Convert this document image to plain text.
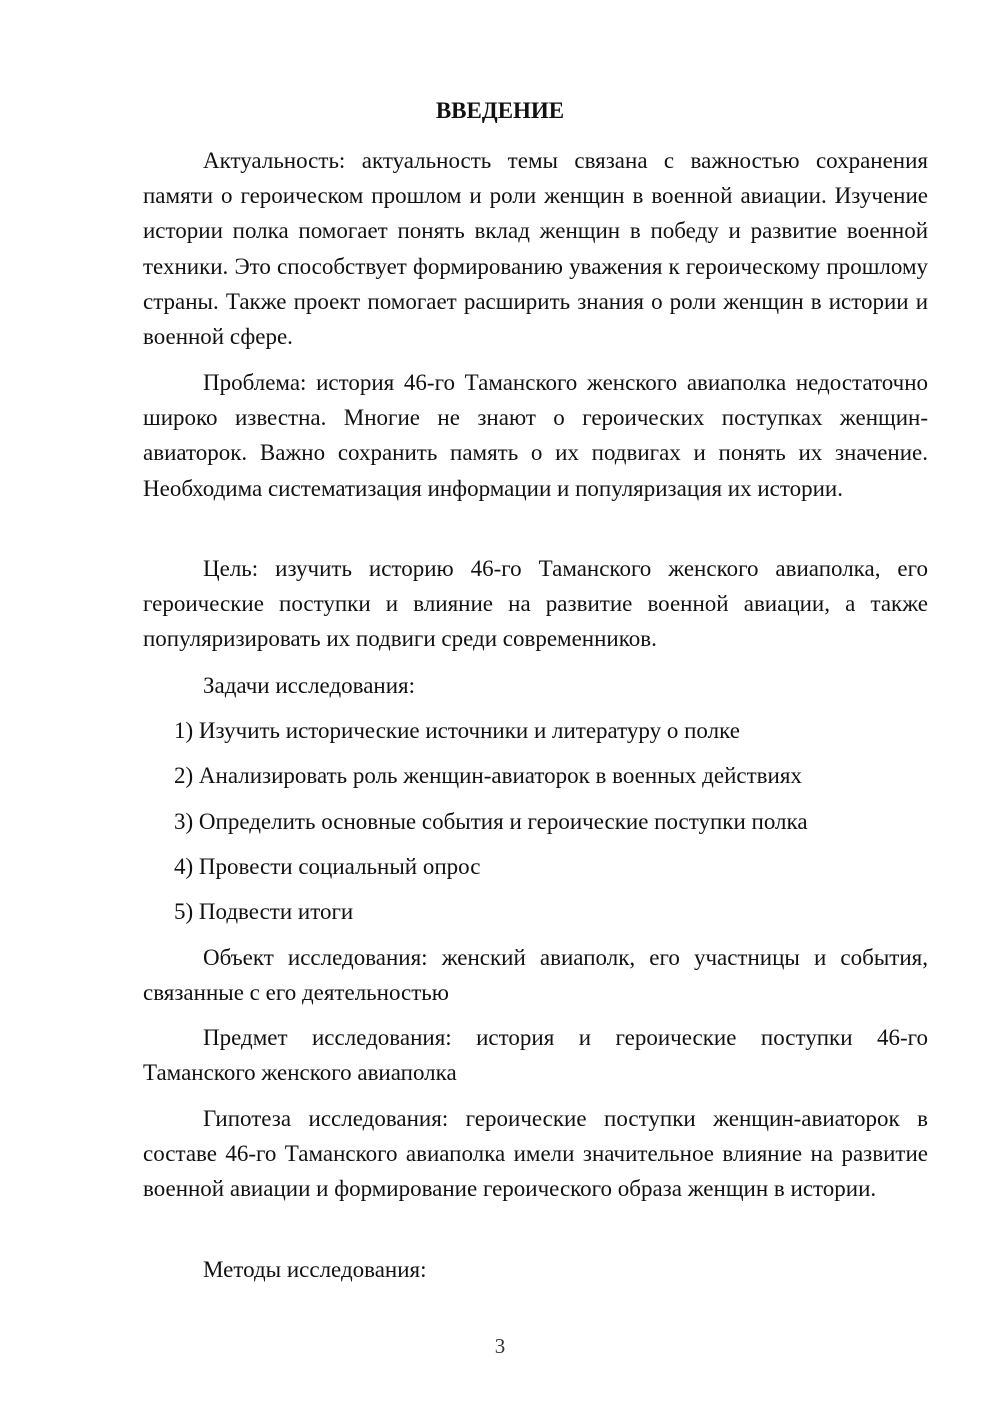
ВВЕДЕНИЕ

Актуальность: актуальность темы связана с важностью сохранения памяти о героическом прошлом и роли женщин в военной авиации. Изучение истории полка помогает понять вклад женщин в победу и развитие военной техники. Это способствует формированию уважения к героическому прошлому страны. Также проект помогает расширить знания о роли женщин в истории и военной сфере.

Проблема: история 46-го Таманского женского авиаполка недостаточно широко известна. Многие не знают о героических поступках женщин-авиаторок. Важно сохранить память о их подвигах и понять их значение. Необходима систематизация информации и популяризация их истории.

Цель: изучить историю 46-го Таманского женского авиаполка, его героические поступки и влияние на развитие военной авиации, а также популяризировать их подвиги среди современников.

Задачи исследования:
1) Изучить исторические источники и литературу о полке
2) Анализировать роль женщин-авиаторок в военных действиях
3) Определить основные события и героические поступки полка
4) Провести социальный опрос
5) Подвести итоги

Объект исследования: женский авиаполк, его участницы и события, связанные с его деятельностью

Предмет исследования: история и героические поступки 46-го Таманского женского авиаполка

Гипотеза исследования: героические поступки женщин-авиаторок в составе 46-го Таманского авиаполка имели значительное влияние на развитие военной авиации и формирование героического образа женщин в истории.

Методы исследования:
3
